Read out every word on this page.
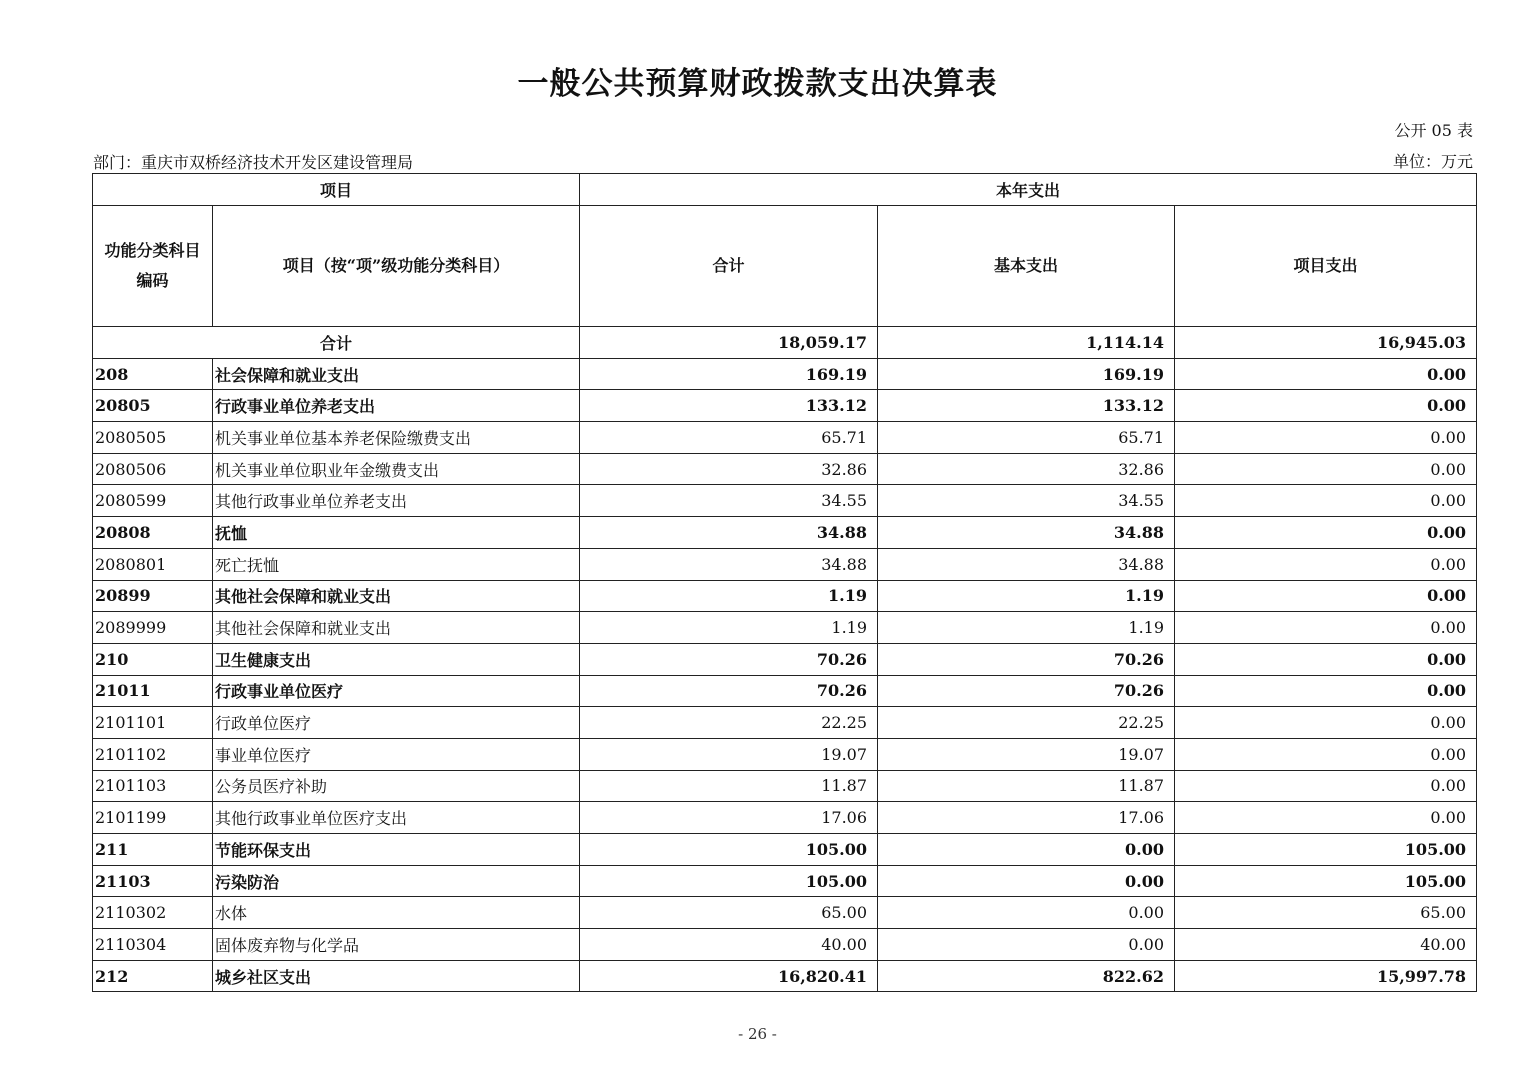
一般公共预算财政拨款支出决算表
公开 05 表
部门：重庆市双桥经济技术开发区建设管理局	单位：万元
项目		本年支出		
功能分类科目编码	项目（按“项”级功能分类科目）	合计	基本支出	项目支出
合计		18,059.17	1,114.14	16,945.03
208	社会保障和就业支出	169.19	169.19	0.00
20805	行政事业单位养老支出	133.12	133.12	0.00
2080505	机关事业单位基本养老保险缴费支出	65.71	65.71	0.00
2080506	机关事业单位职业年金缴费支出	32.86	32.86	0.00
2080599	其他行政事业单位养老支出	34.55	34.55	0.00
20808	抚恤	34.88	34.88	0.00
2080801	死亡抚恤	34.88	34.88	0.00
20899	其他社会保障和就业支出	1.19	1.19	0.00
2089999	其他社会保障和就业支出	1.19	1.19	0.00
210	卫生健康支出	70.26	70.26	0.00
21011	行政事业单位医疗	70.26	70.26	0.00
2101101	行政单位医疗	22.25	22.25	0.00
2101102	事业单位医疗	19.07	19.07	0.00
2101103	公务员医疗补助	11.87	11.87	0.00
2101199	其他行政事业单位医疗支出	17.06	17.06	0.00
211	节能环保支出	105.00	0.00	105.00
21103	污染防治	105.00	0.00	105.00
2110302	水体	65.00	0.00	65.00
2110304	固体废弃物与化学品	40.00	0.00	40.00
212	城乡社区支出	16,820.41	822.62	15,997.78
- 26 -
